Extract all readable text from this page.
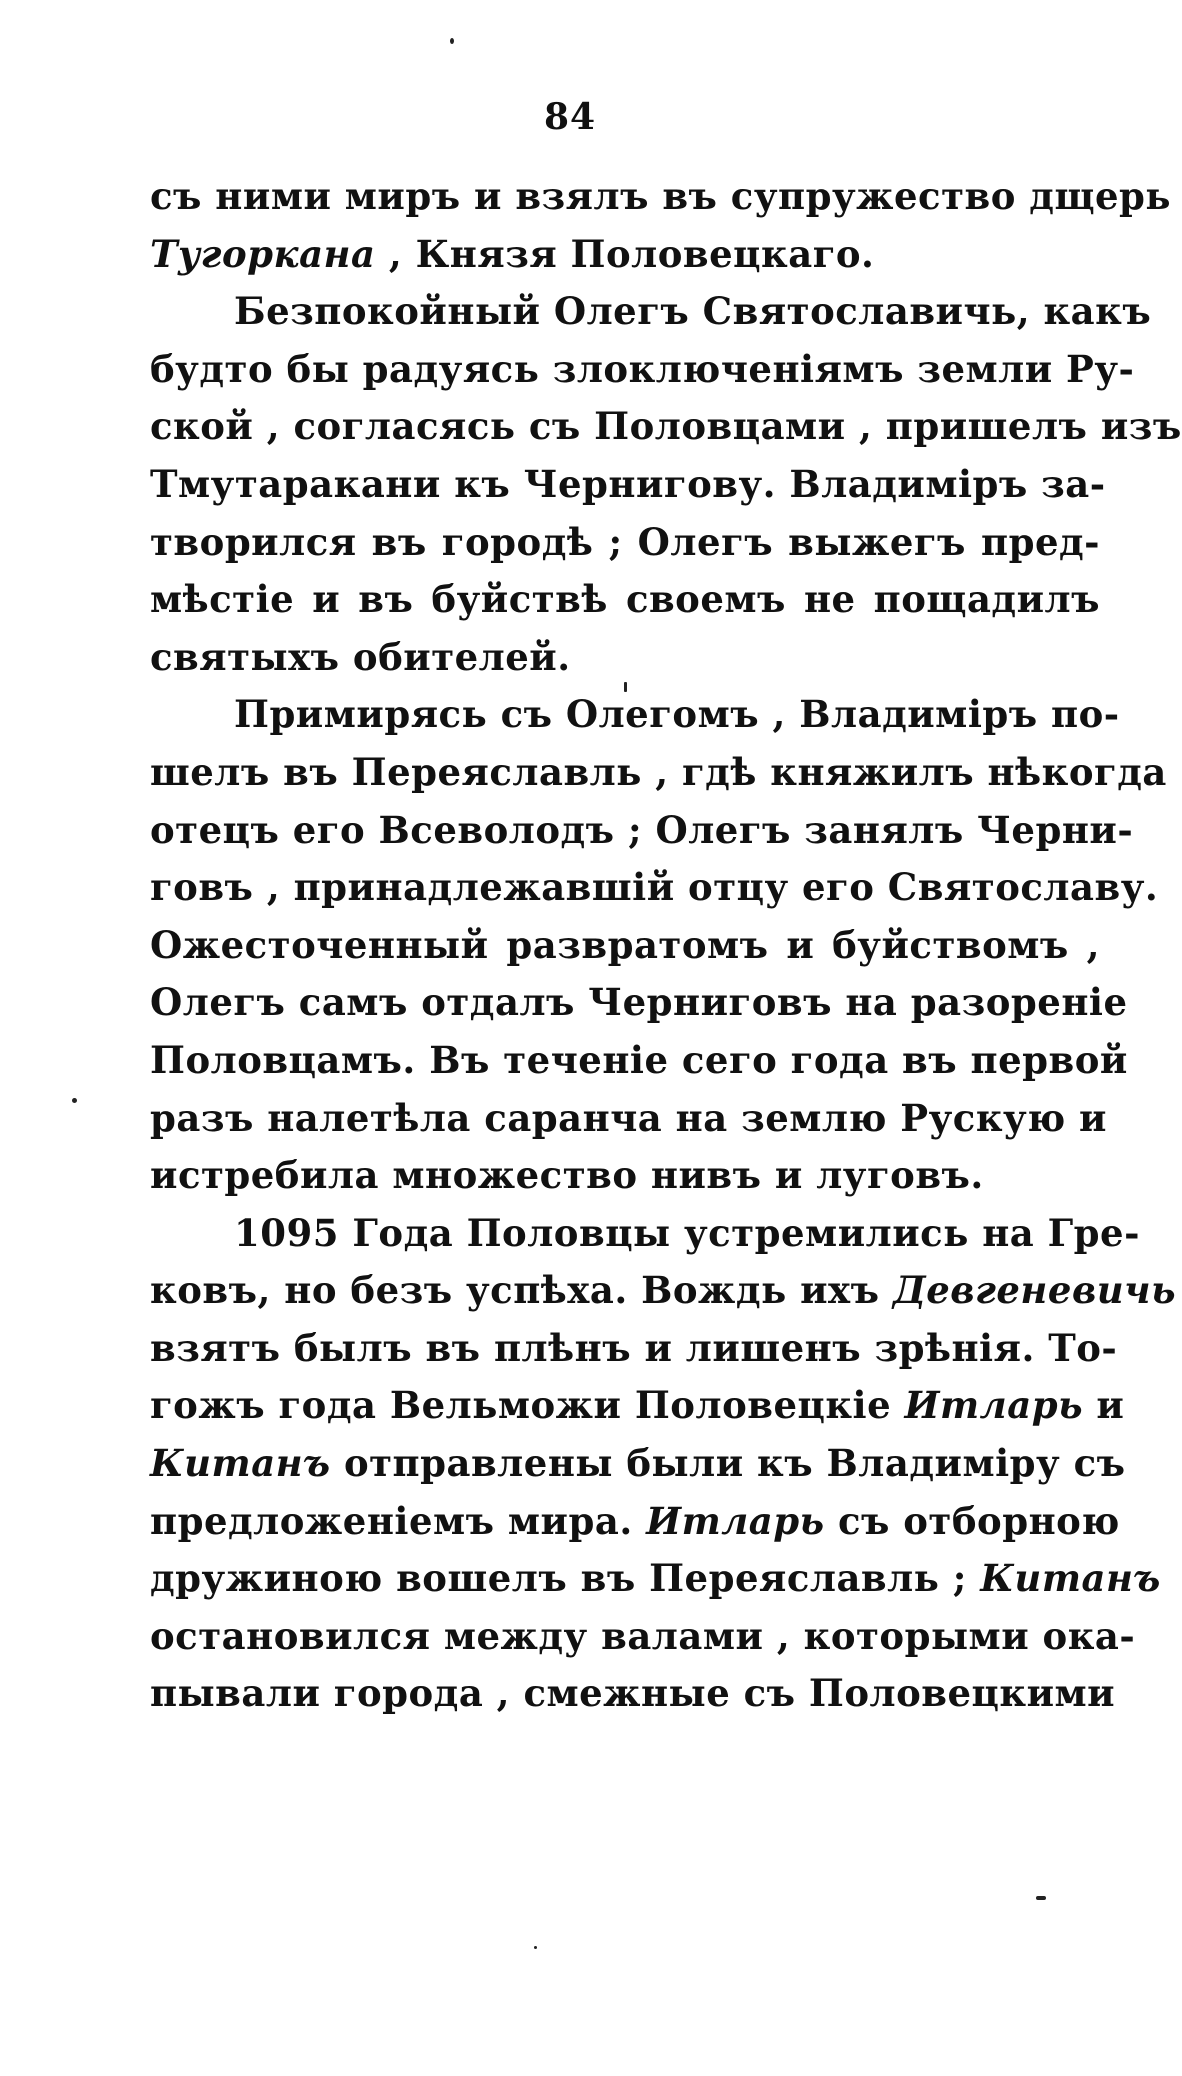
84
съ ними миръ и взялъ въ супружество дщерь
Тугоркана , Князя Половецкаго.
Безпокойный Олегъ Святославичь, какъ
будто бы радуясь злоключеніямъ земли Ру-
ской , согласясь съ Половцами , пришелъ изъ
Тмутаракани къ Чернигову. Владиміръ за-
творился въ городѣ ; Олегъ выжегъ пред-
мѣстіе и въ буйствѣ своемъ не пощадилъ
святыхъ обителей.
Примирясь съ Олегомъ , Владиміръ по-
шелъ въ Переяславль , гдѣ княжилъ нѣкогда
отецъ его Всеволодъ ; Олегъ занялъ Черни-
говъ , принадлежавшій отцу его Святославу.
Ожесточенный развратомъ и буйствомъ ,
Олегъ самъ отдалъ Черниговъ на разореніе
Половцамъ. Въ теченіе сего года въ первой
разъ налетѣла саранча на землю Рускую и
истребила множество нивъ и луговъ.
1095 Года Половцы устремились на Гре-
ковъ, но безъ успѣха. Вождь ихъ Девгеневичь
взятъ былъ въ плѣнъ и лишенъ зрѣнія. То-
гожъ года Вельможи Половецкіе Итларь и
Китанъ отправлены были къ Владиміру съ
предложеніемъ мира. Итларь съ отборною
дружиною вошелъ въ Переяславль ; Китанъ
остановился между валами , которыми ока-
пывали города , смежные съ Половецкими
